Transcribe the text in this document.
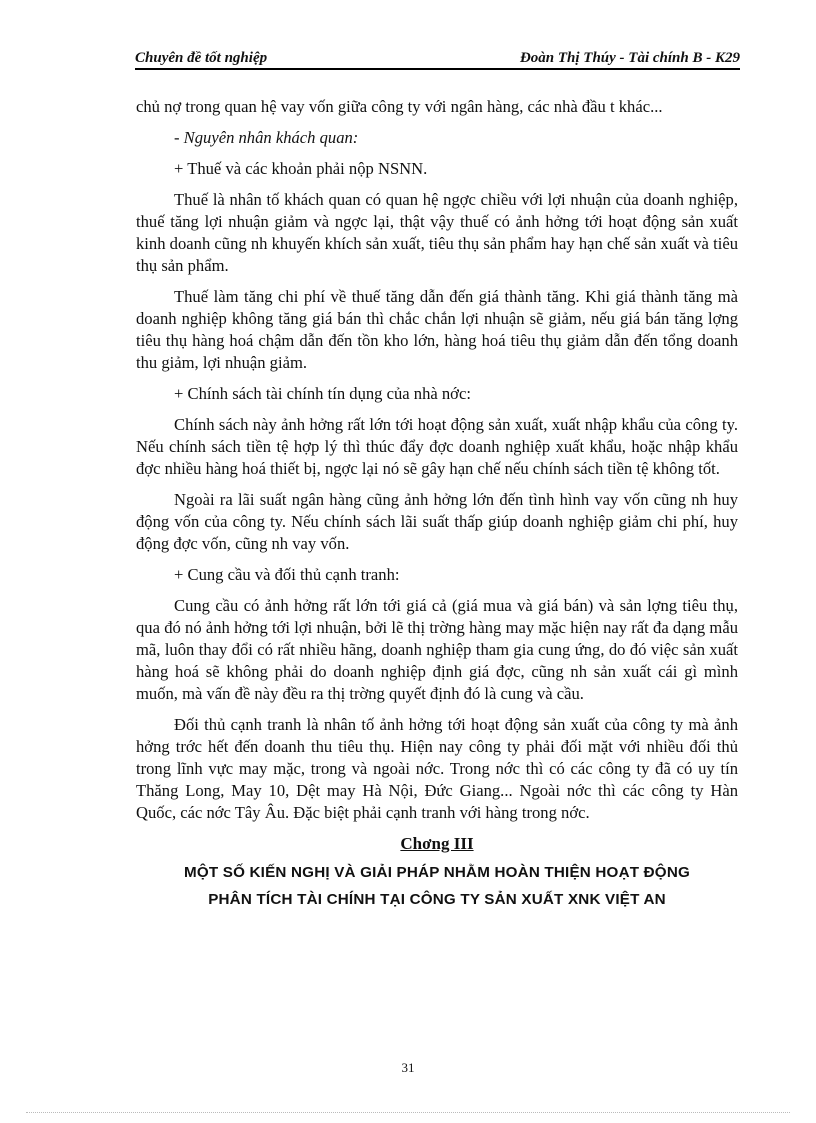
Chuyên đề tốt nghiệp	Đoàn Thị Thúy - Tài chính B - K29

chủ nợ trong quan hệ vay vốn giữa công ty với ngân hàng, các nhà đầu t khác...

- Nguyên nhân khách quan:

+ Thuế và các khoản phải nộp NSNN.

Thuế là nhân tố khách quan có quan hệ ngợc chiều với lợi nhuận của doanh nghiệp, thuế tăng lợi nhuận giảm và ngợc lại, thật vậy thuế có ảnh hởng tới hoạt động sản xuất kinh doanh cũng nh khuyến khích sản xuất, tiêu thụ sản phẩm hay hạn chế sản xuất và tiêu thụ sản phẩm.

Thuế làm tăng chi phí về thuế tăng dẫn đến giá thành tăng. Khi giá thành tăng mà doanh nghiệp không tăng giá bán thì chắc chắn lợi nhuận sẽ giảm, nếu giá bán tăng lợng tiêu thụ hàng hoá chậm dẫn đến tồn kho lớn, hàng hoá tiêu thụ giảm dẫn đến tổng doanh thu giảm, lợi nhuận giảm.

+ Chính sách tài chính tín dụng của nhà nớc:

Chính sách này ảnh hởng rất lớn tới hoạt động sản xuất, xuất nhập khẩu của công ty. Nếu chính sách tiền tệ hợp lý thì thúc đẩy đợc doanh nghiệp xuất khẩu, hoặc nhập khẩu đợc nhiều hàng hoá thiết bị, ngợc lại nó sẽ gây hạn chế nếu chính sách tiền tệ không tốt.

Ngoài ra lãi suất ngân hàng cũng ảnh hởng lớn đến tình hình vay vốn cũng nh huy động vốn của công ty. Nếu chính sách lãi suất thấp giúp doanh nghiệp giảm chi phí, huy động đợc vốn, cũng nh vay vốn.

+ Cung cầu và đối thủ cạnh tranh:

Cung cầu có ảnh hởng rất lớn tới giá cả (giá mua và giá bán) và sản lợng tiêu thụ, qua đó nó ảnh hởng tới lợi nhuận, bởi lẽ thị trờng hàng may mặc hiện nay rất đa dạng mẫu mã, luôn thay đổi có rất nhiều hãng, doanh nghiệp tham gia cung ứng, do đó việc sản xuất hàng hoá sẽ không phải do doanh nghiệp định giá đợc, cũng nh sản xuất cái gì mình muốn, mà vấn đề này đều ra thị trờng quyết định đó là cung và cầu.

Đối thủ cạnh tranh là nhân tố ảnh hởng tới hoạt động sản xuất của công ty mà ảnh hởng trớc hết đến doanh thu tiêu thụ. Hiện nay công ty phải đối mặt với nhiều đối thủ trong lĩnh vực may mặc, trong và ngoài nớc. Trong nớc thì có các công ty đã có uy tín Thăng Long, May 10, Dệt may Hà Nội, Đức Giang... Ngoài nớc thì các công ty Hàn Quốc, các nớc Tây Âu. Đặc biệt phải cạnh tranh với hàng trong nớc.

Chơng III

MỘT SỐ KIẾN NGHỊ VÀ GIẢI PHÁP NHẰM HOÀN THIỆN HOẠT ĐỘNG

PHÂN TÍCH TÀI CHÍNH TẠI CÔNG TY SẢN XUẤT XNK VIỆT AN

31
